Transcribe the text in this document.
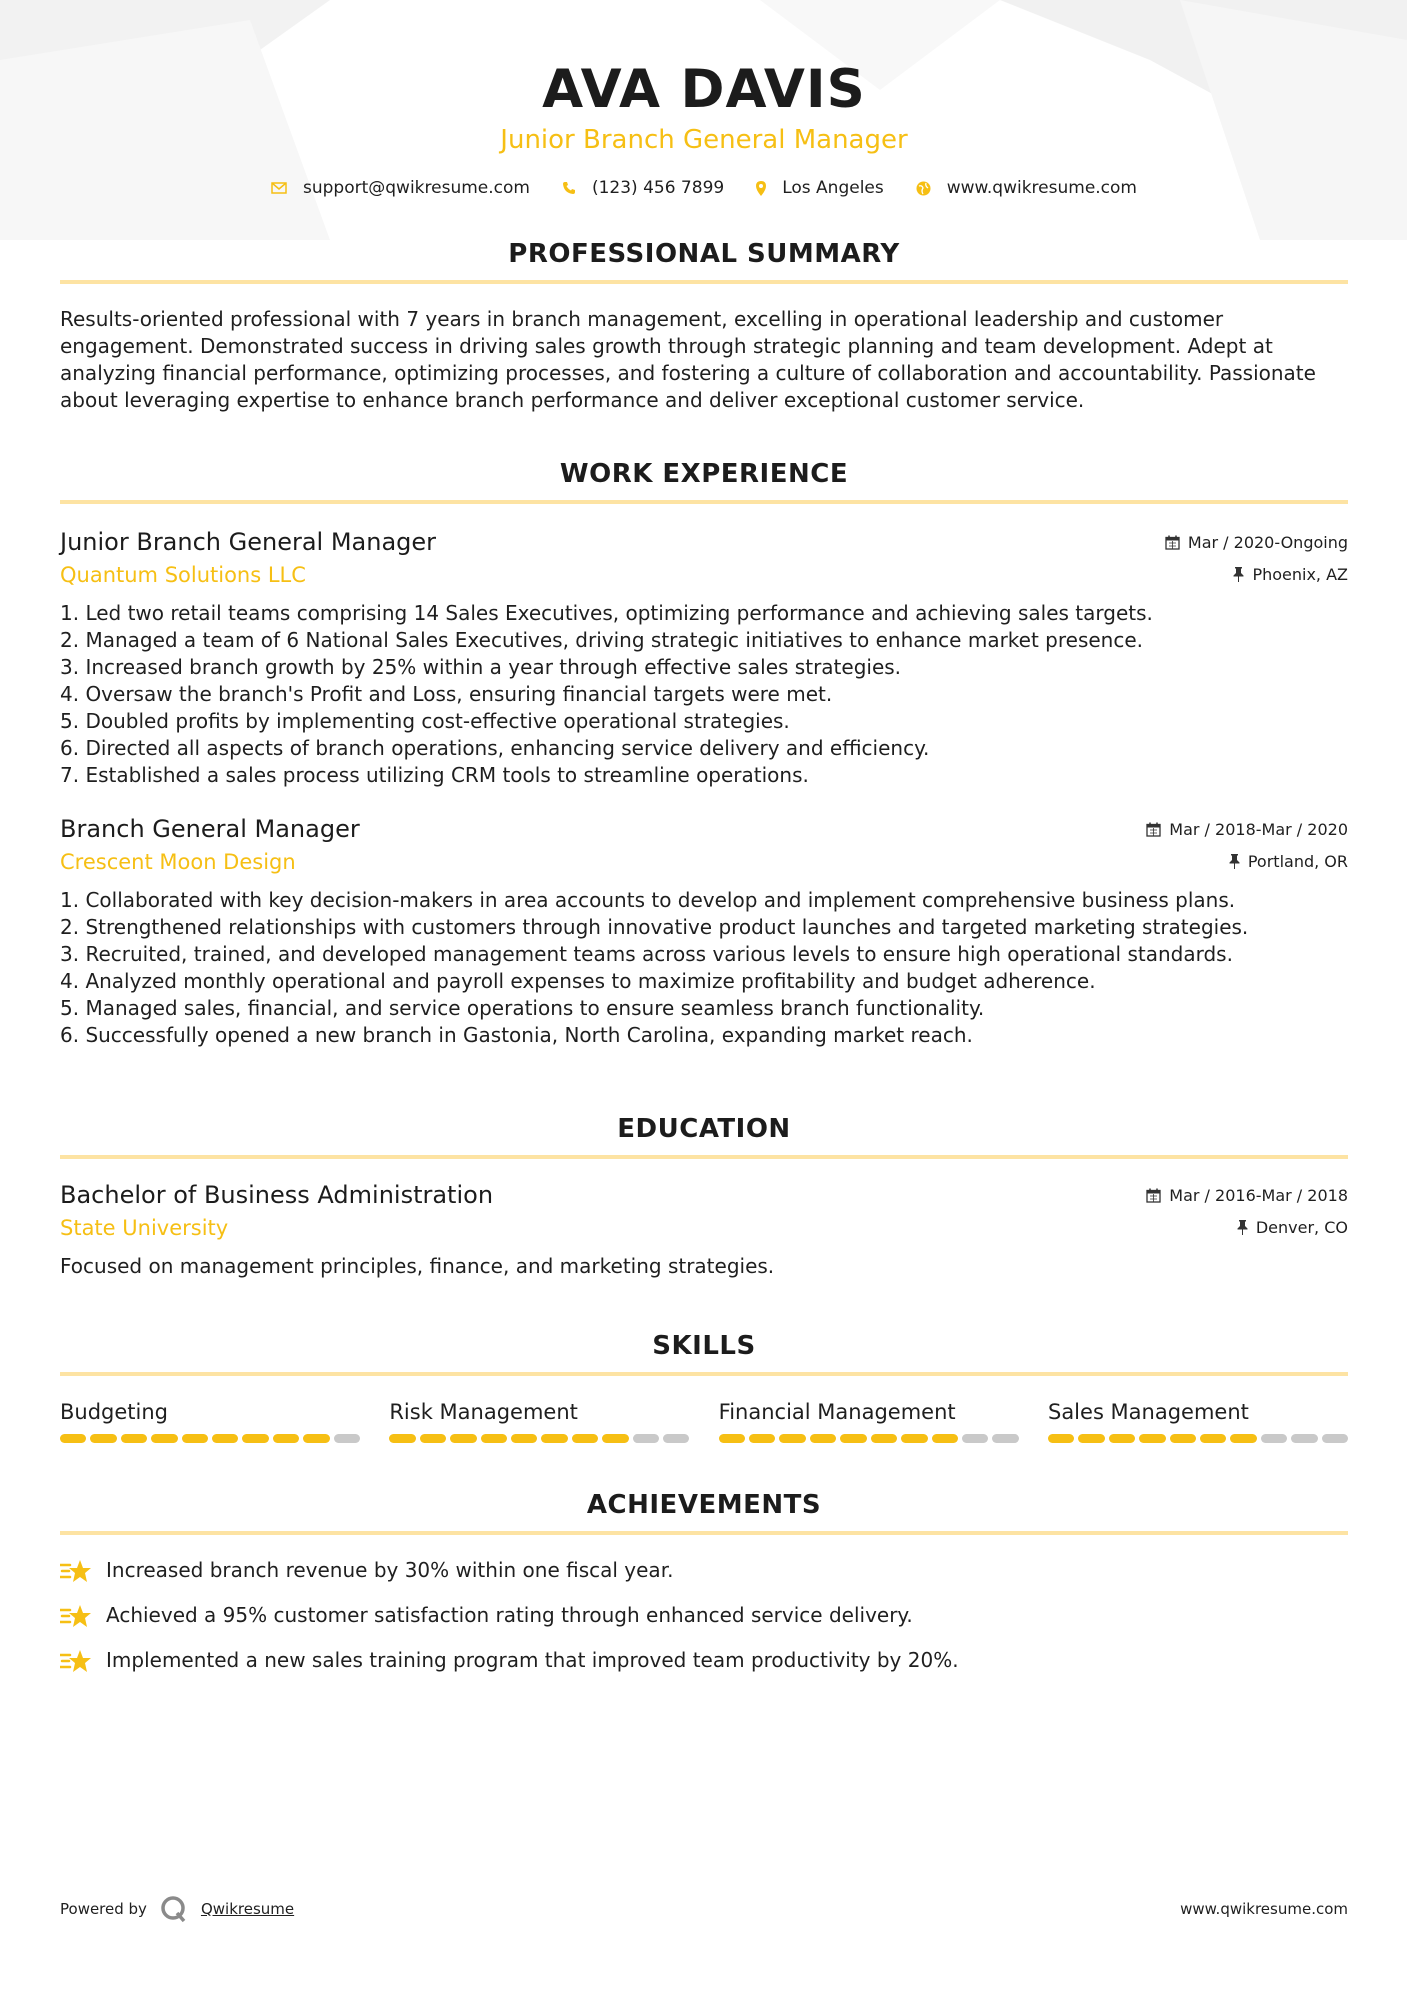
AVA DAVIS
Junior Branch General Manager
support@qwikresume.com	(123) 456 7899	Los Angeles	www.qwikresume.com
PROFESSIONAL SUMMARY
Results-oriented professional with 7 years in branch management, excelling in operational leadership and customer engagement. Demonstrated success in driving sales growth through strategic planning and team development. Adept at analyzing financial performance, optimizing processes, and fostering a culture of collaboration and accountability. Passionate about leveraging expertise to enhance branch performance and deliver exceptional customer service.
WORK EXPERIENCE
Junior Branch General Manager
Quantum Solutions LLC
Mar / 2020-Ongoing
Phoenix, AZ
1. Led two retail teams comprising 14 Sales Executives, optimizing performance and achieving sales targets.
2. Managed a team of 6 National Sales Executives, driving strategic initiatives to enhance market presence.
3. Increased branch growth by 25% within a year through effective sales strategies.
4. Oversaw the branch's Profit and Loss, ensuring financial targets were met.
5. Doubled profits by implementing cost-effective operational strategies.
6. Directed all aspects of branch operations, enhancing service delivery and efficiency.
7. Established a sales process utilizing CRM tools to streamline operations.
Branch General Manager
Crescent Moon Design
Mar / 2018-Mar / 2020
Portland, OR
1. Collaborated with key decision-makers in area accounts to develop and implement comprehensive business plans.
2. Strengthened relationships with customers through innovative product launches and targeted marketing strategies.
3. Recruited, trained, and developed management teams across various levels to ensure high operational standards.
4. Analyzed monthly operational and payroll expenses to maximize profitability and budget adherence.
5. Managed sales, financial, and service operations to ensure seamless branch functionality.
6. Successfully opened a new branch in Gastonia, North Carolina, expanding market reach.
EDUCATION
Bachelor of Business Administration
State University
Mar / 2016-Mar / 2018
Denver, CO
Focused on management principles, finance, and marketing strategies.
SKILLS
Budgeting	Risk Management	Financial Management	Sales Management
ACHIEVEMENTS
Increased branch revenue by 30% within one fiscal year.
Achieved a 95% customer satisfaction rating through enhanced service delivery.
Implemented a new sales training program that improved team productivity by 20%.
Powered by	Qwikresume	www.qwikresume.com
